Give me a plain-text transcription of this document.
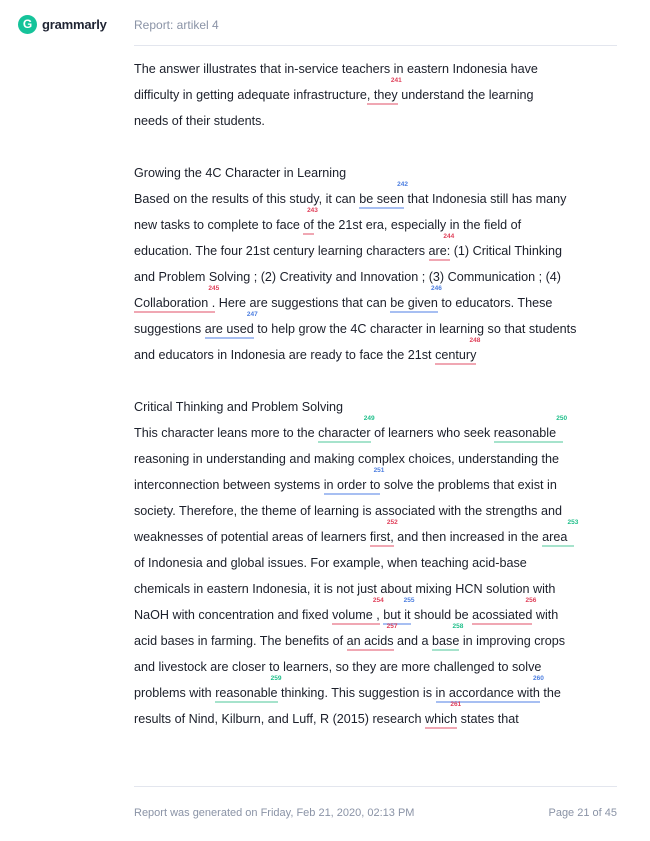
G grammarly Report: artikel 4
The answer illustrates that in-service teachers in eastern Indonesia have
difficulty in getting adequate infrastructure, they
241
understand the learning
needs of their students.
Growing the 4C Character in Learning
Based on the results of this study, it can be seen
242
that Indonesia still has many
new tasks to complete to face of
243
the 21st era, especially in the field of
education. The four 21st century learning characters are:
244
(1) Critical Thinking
and Problem Solving ; (2) Creativity and Innovation ; (3) Communication ; (4)
Collaboration .
245
Here are suggestions that can be given
246
to educators. These
suggestions are used
247
to help grow the 4C character in learning so that students
and educators in Indonesia are ready to face the 21st century
248
Critical Thinking and Problem Solving
This character leans more to the character
249
of learners who seek reasonable
250
reasoning in understanding and making complex choices, understanding the
interconnection between systems in order to
251
solve the problems that exist in
society. Therefore, the theme of learning is associated with the strengths and
weaknesses of potential areas of learners first,
252
and then increased in the area
253
of Indonesia and global issues. For example, when teaching acid-base
chemicals in eastern Indonesia, it is not just about mixing HCN solution with
NaOH with concentration and fixed volume ,
254
but it
255
should be acossiated
256
with
acid bases in farming. The benefits of an acids
257
and a base
258
in improving crops
and livestock are closer to learners, so they are more challenged to solve
problems with reasonable
259
thinking. This suggestion is in accordance with
260
the
results of Nind, Kilburn, and Luff, R (2015) research which
261
states that
Report was generated on Friday, Feb 21, 2020, 02:13 PM	Page 21 of 45
